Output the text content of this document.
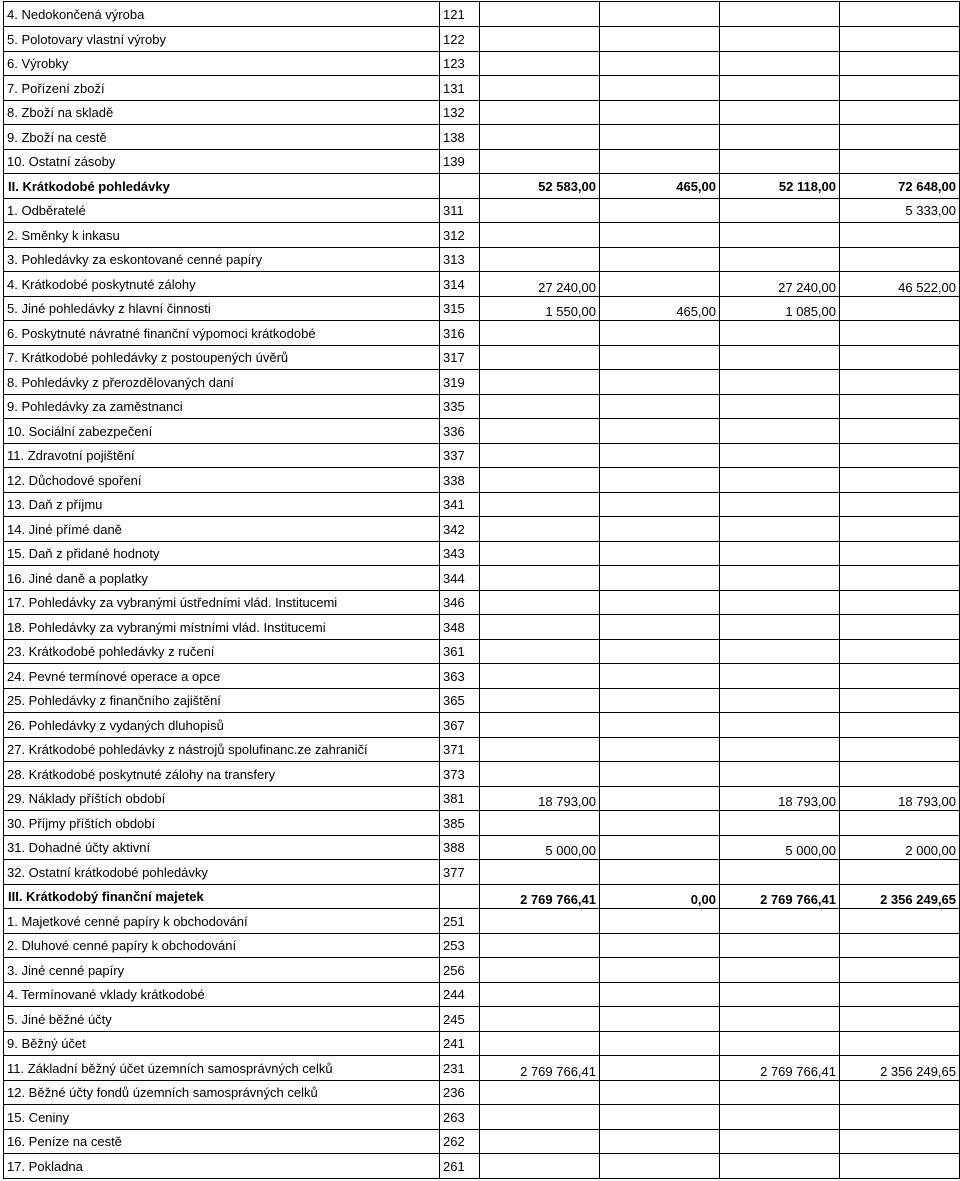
4. Nedokončená výroba	121				
5. Polotovary vlastní výroby	122				
6. Výrobky	123				
7. Pořízení zboží	131				
8. Zboží na skladě	132				
9. Zboží na cestě	138				
10. Ostatní zásoby	139				
II. Krátkodobé pohledávky		52 583,00	465,00	52 118,00	72 648,00
1. Odběratelé	311				5 333,00
2. Směnky k inkasu	312				
3. Pohledávky za eskontované cenné papíry	313				
4. Krátkodobé poskytnuté zálohy	314	27 240,00		27 240,00	46 522,00
5. Jiné pohledávky z hlavní činnosti	315	1 550,00	465,00	1 085,00	
6. Poskytnuté návratné finanční výpomoci krátkodobé	316				
7. Krátkodobé pohledávky z postoupených úvěrů	317				
8. Pohledávky z přerozdělovaných daní	319				
9. Pohledávky za zaměstnanci	335				
10. Sociální zabezpečení	336				
11. Zdravotní pojištění	337				
12. Důchodové spoření	338				
13. Daň z příjmu	341				
14. Jiné přímé daně	342				
15. Daň z přidané hodnoty	343				
16. Jiné daně a poplatky	344				
17. Pohledávky za vybranými ústředními vlád. Institucemi	346				
18. Pohledávky za vybranými místními vlád. Institucemi	348				
23. Krátkodobé pohledávky z ručení	361				
24. Pevné termínové operace a opce	363				
25. Pohledávky z finančního zajištění	365				
26. Pohledávky z vydaných dluhopisů	367				
27. Krátkodobé pohledávky z nástrojů spolufinanc.ze zahraničí	371				
28. Krátkodobé poskytnuté zálohy na transfery	373				
29. Náklady příštích období	381	18 793,00		18 793,00	18 793,00
30. Příjmy příštích období	385				
31. Dohadné účty aktivní	388	5 000,00		5 000,00	2 000,00
32. Ostatní krátkodobé pohledávky	377				
III. Krátkodobý finanční majetek		2 769 766,41	0,00	2 769 766,41	2 356 249,65
1. Majetkové cenné papíry k obchodování	251				
2. Dluhové cenné papíry k obchodování	253				
3. Jiné cenné papíry	256				
4. Termínované vklady krátkodobé	244				
5. Jiné běžné účty	245				
9. Běžný účet	241				
11. Základní běžný účet územních samosprávných celků	231	2 769 766,41		2 769 766,41	2 356 249,65
12. Běžné účty fondů územních samosprávných celků	236				
15. Ceniny	263				
16. Peníze na cestě	262				
17. Pokladna	261				
